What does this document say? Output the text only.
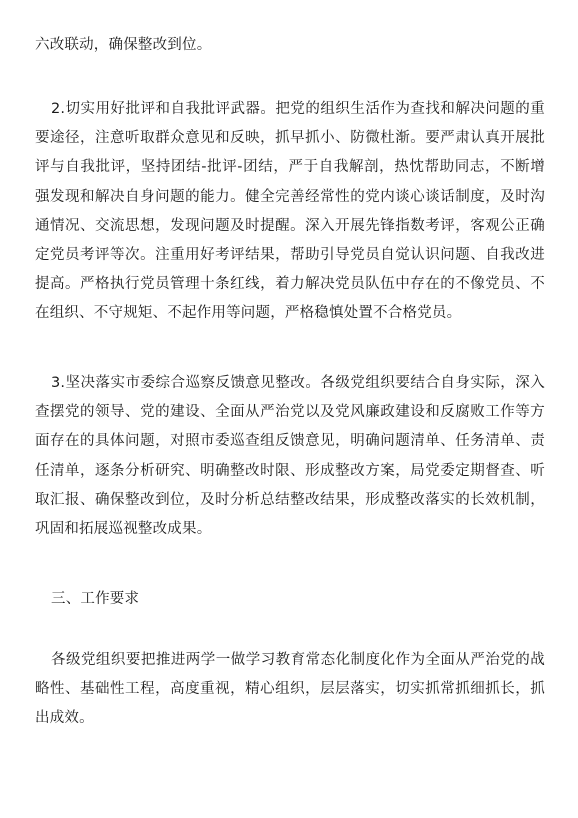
六改联动，确保整改到位。

2.切实用好批评和自我批评武器。把党的组织生活作为查找和解决问题的重要途径，注意听取群众意见和反映，抓早抓小、防微杜渐。要严肃认真开展批评与自我批评，坚持团结-批评-团结，严于自我解剖，热忱帮助同志，不断增强发现和解决自身问题的能力。健全完善经常性的党内谈心谈话制度，及时沟通情况、交流思想，发现问题及时提醒。深入开展先锋指数考评，客观公正确定党员考评等次。注重用好考评结果，帮助引导党员自觉认识问题、自我改进提高。严格执行党员管理十条红线，着力解决党员队伍中存在的不像党员、不在组织、不守规矩、不起作用等问题，严格稳慎处置不合格党员。

3.坚决落实市委综合巡察反馈意见整改。各级党组织要结合自身实际，深入查摆党的领导、党的建设、全面从严治党以及党风廉政建设和反腐败工作等方面存在的具体问题，对照市委巡查组反馈意见，明确问题清单、任务清单、责任清单，逐条分析研究、明确整改时限、形成整改方案，局党委定期督查、听取汇报、确保整改到位，及时分析总结整改结果，形成整改落实的长效机制，巩固和拓展巡视整改成果。

三、工作要求

各级党组织要把推进两学一做学习教育常态化制度化作为全面从严治党的战略性、基础性工程，高度重视，精心组织，层层落实，切实抓常抓细抓长，抓出成效。
